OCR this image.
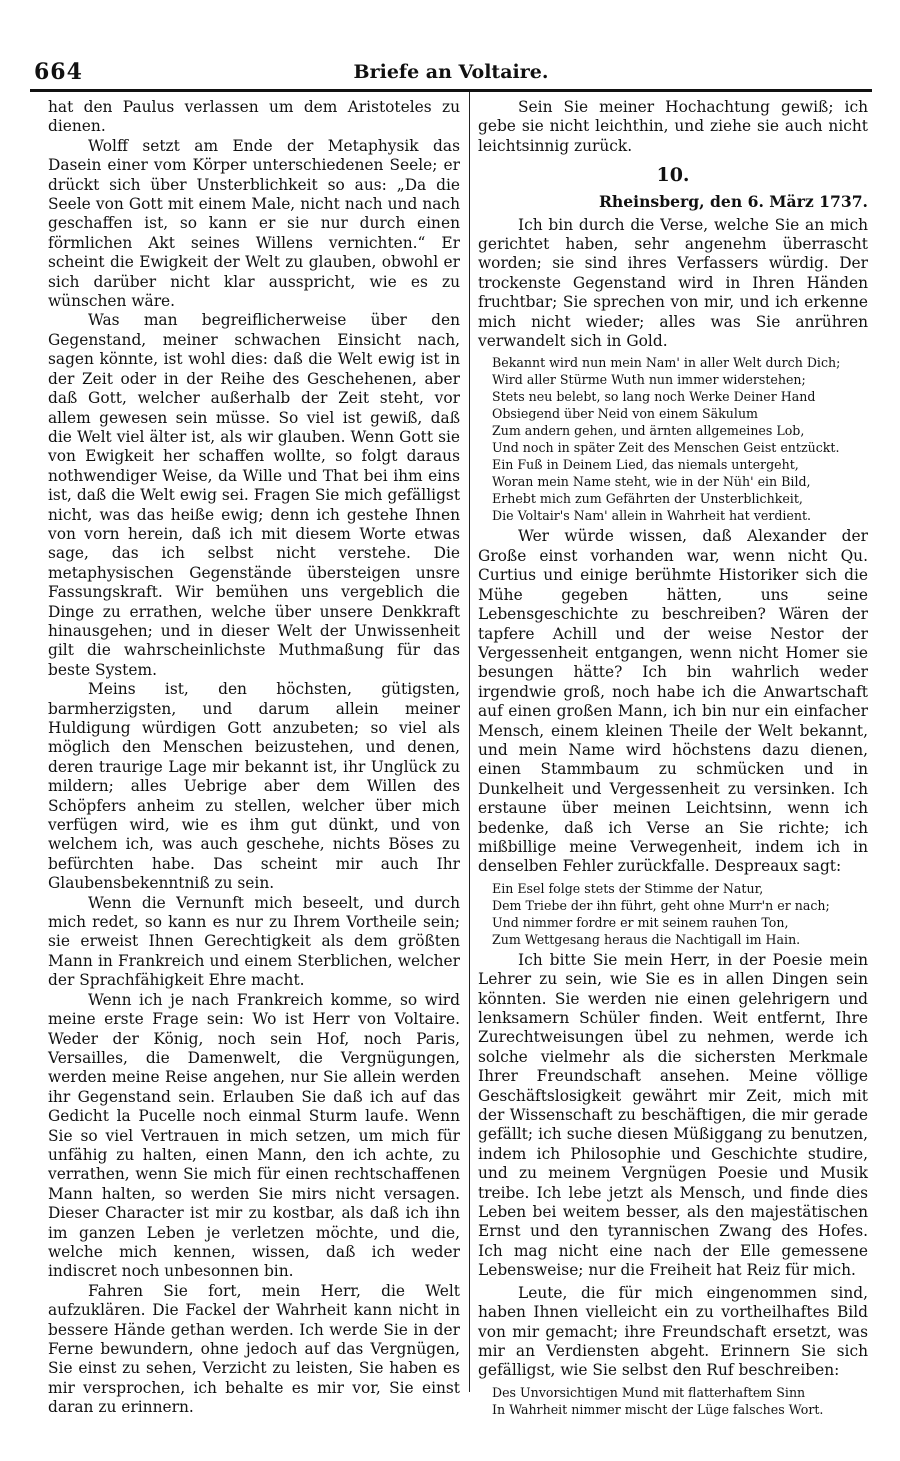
664	Briefe an Voltaire.

hat den Paulus verlassen um dem Aristoteles zu dienen.

Wolff setzt am Ende der Metaphysik das Dasein einer vom Körper unterschiedenen Seele; er drückt sich über Unsterblichkeit so aus: „Da die Seele von Gott mit einem Male, nicht nach und nach geschaffen ist, so kann er sie nur durch einen förmlichen Akt seines Willens vernichten.“ Er scheint die Ewigkeit der Welt zu glauben, obwohl er sich darüber nicht klar ausspricht, wie es zu wünschen wäre.

Was man begreiflicherweise über den Gegenstand, meiner schwachen Einsicht nach, sagen könnte, ist wohl dies: daß die Welt ewig ist in der Zeit oder in der Reihe des Geschehenen, aber daß Gott, welcher außerhalb der Zeit steht, vor allem gewesen sein müsse. So viel ist gewiß, daß die Welt viel älter ist, als wir glauben. Wenn Gott sie von Ewigkeit her schaffen wollte, so folgt daraus nothwendiger Weise, da Wille und That bei ihm eins ist, daß die Welt ewig sei. Fragen Sie mich gefälligst nicht, was das heiße ewig; denn ich gestehe Ihnen von vorn herein, daß ich mit diesem Worte etwas sage, das ich selbst nicht verstehe. Die metaphysischen Gegenstände übersteigen unsre Fassungskraft. Wir bemühen uns vergeblich die Dinge zu errathen, welche über unsere Denkkraft hinausgehen; und in dieser Welt der Unwissenheit gilt die wahrscheinlichste Muthmaßung für das beste System.

Meins ist, den höchsten, gütigsten, barmherzigsten, und darum allein meiner Huldigung würdigen Gott anzubeten; so viel als möglich den Menschen beizustehen, und denen, deren traurige Lage mir bekannt ist, ihr Unglück zu mildern; alles Uebrige aber dem Willen des Schöpfers anheim zu stellen, welcher über mich verfügen wird, wie es ihm gut dünkt, und von welchem ich, was auch geschehe, nichts Böses zu befürchten habe. Das scheint mir auch Ihr Glaubensbekenntniß zu sein.

Wenn die Vernunft mich beseelt, und durch mich redet, so kann es nur zu Ihrem Vortheile sein; sie erweist Ihnen Gerechtigkeit als dem größten Mann in Frankreich und einem Sterblichen, welcher der Sprachfähigkeit Ehre macht.

Wenn ich je nach Frankreich komme, so wird meine erste Frage sein: Wo ist Herr von Voltaire. Weder der König, noch sein Hof, noch Paris, Versailles, die Damenwelt, die Vergnügungen, werden meine Reise angehen, nur Sie allein werden ihr Gegenstand sein. Erlauben Sie daß ich auf das Gedicht la Pucelle noch einmal Sturm laufe. Wenn Sie so viel Vertrauen in mich setzen, um mich für unfähig zu halten, einen Mann, den ich achte, zu verrathen, wenn Sie mich für einen rechtschaffenen Mann halten, so werden Sie mirs nicht versagen. Dieser Character ist mir zu kostbar, als daß ich ihn im ganzen Leben je verletzen möchte, und die, welche mich kennen, wissen, daß ich weder indiscret noch unbesonnen bin.

Fahren Sie fort, mein Herr, die Welt aufzuklären. Die Fackel der Wahrheit kann nicht in bessere Hände gethan werden. Ich werde Sie in der Ferne bewundern, ohne jedoch auf das Vergnügen, Sie einst zu sehen, Verzicht zu leisten, Sie haben es mir versprochen, ich behalte es mir vor, Sie einst daran zu erinnern.

Sein Sie meiner Hochachtung gewiß; ich gebe sie nicht leichthin, und ziehe sie auch nicht leichtsinnig zurück.

10.
Rheinsberg, den 6. März 1737.

Ich bin durch die Verse, welche Sie an mich gerichtet haben, sehr angenehm überrascht worden; sie sind ihres Verfassers würdig. Der trockenste Gegenstand wird in Ihren Händen fruchtbar; Sie sprechen von mir, und ich erkenne mich nicht wieder; alles was Sie anrühren verwandelt sich in Gold.

Bekannt wird nun mein Nam' in aller Welt durch Dich;
Wird aller Stürme Wuth nun immer widerstehen;
Stets neu belebt, so lang noch Werke Deiner Hand
Obsiegend über Neid von einem Säkulum
Zum andern gehen, und ärnten allgemeines Lob,
Und noch in später Zeit des Menschen Geist entzückt.
Ein Fuß in Deinem Lied, das niemals untergeht,
Woran mein Name steht, wie in der Nüh' ein Bild,
Erhebt mich zum Gefährten der Unsterblichkeit,
Die Voltair's Nam' allein in Wahrheit hat verdient.

Wer würde wissen, daß Alexander der Große einst vorhanden war, wenn nicht Qu. Curtius und einige berühmte Historiker sich die Mühe gegeben hätten, uns seine Lebensgeschichte zu beschreiben? Wären der tapfere Achill und der weise Nestor der Vergessenheit entgangen, wenn nicht Homer sie besungen hätte? Ich bin wahrlich weder irgendwie groß, noch habe ich die Anwartschaft auf einen großen Mann, ich bin nur ein einfacher Mensch, einem kleinen Theile der Welt bekannt, und mein Name wird höchstens dazu dienen, einen Stammbaum zu schmücken und in Dunkelheit und Vergessenheit zu versinken. Ich erstaune über meinen Leichtsinn, wenn ich bedenke, daß ich Verse an Sie richte; ich mißbillige meine Verwegenheit, indem ich in denselben Fehler zurückfalle. Despreaux sagt:

Ein Esel folge stets der Stimme der Natur,
Dem Triebe der ihn führt, geht ohne Murr'n er nach;
Und nimmer fordre er mit seinem rauhen Ton,
Zum Wettgesang heraus die Nachtigall im Hain.

Ich bitte Sie mein Herr, in der Poesie mein Lehrer zu sein, wie Sie es in allen Dingen sein könnten. Sie werden nie einen gelehrigern und lenksamern Schüler finden. Weit entfernt, Ihre Zurechtweisungen übel zu nehmen, werde ich solche vielmehr als die sichersten Merkmale Ihrer Freundschaft ansehen. Meine völlige Geschäftslosigkeit gewährt mir Zeit, mich mit der Wissenschaft zu beschäftigen, die mir gerade gefällt; ich suche diesen Müßiggang zu benutzen, indem ich Philosophie und Geschichte studire, und zu meinem Vergnügen Poesie und Musik treibe. Ich lebe jetzt als Mensch, und finde dies Leben bei weitem besser, als den majestätischen Ernst und den tyrannischen Zwang des Hofes. Ich mag nicht eine nach der Elle gemessene Lebensweise; nur die Freiheit hat Reiz für mich.

Leute, die für mich eingenommen sind, haben Ihnen vielleicht ein zu vortheilhaftes Bild von mir gemacht; ihre Freundschaft ersetzt, was mir an Verdiensten abgeht. Erinnern Sie sich gefälligst, wie Sie selbst den Ruf beschreiben:

Des Unvorsichtigen Mund mit flatterhaftem Sinn
In Wahrheit nimmer mischt der Lüge falsches Wort.
